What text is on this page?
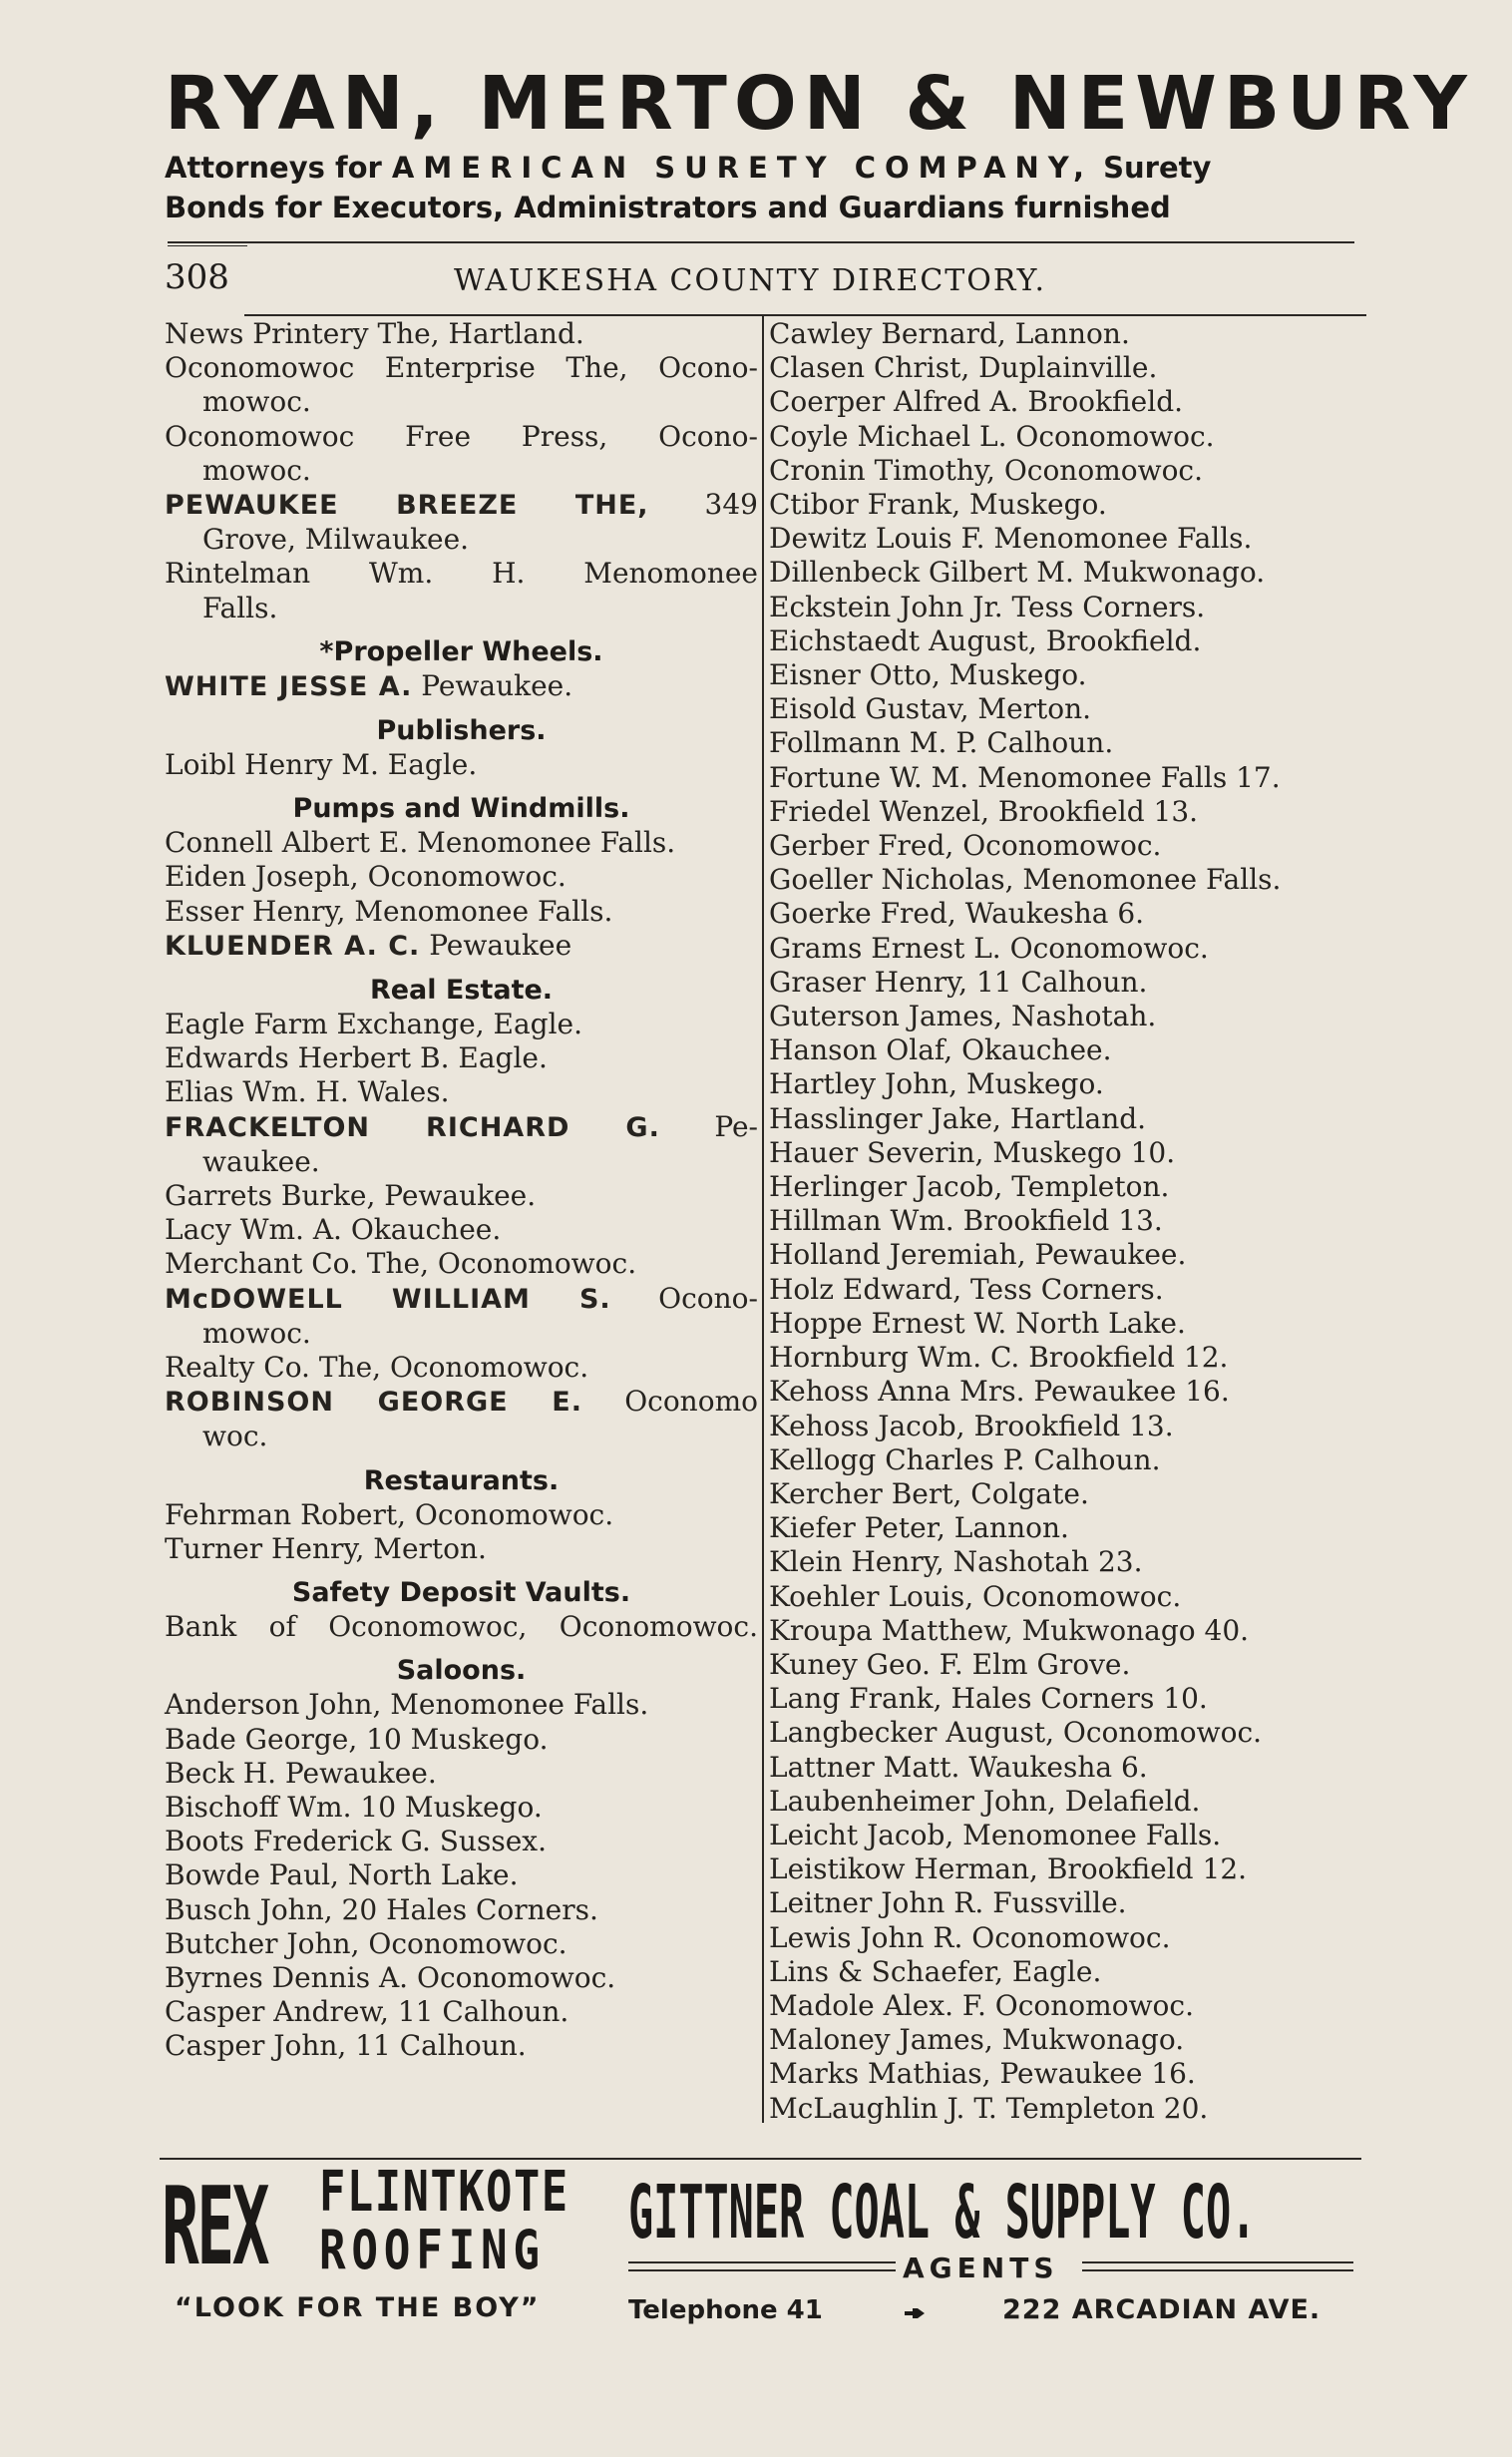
RYAN, MERTON & NEWBURY

Attorneys for AMERICAN SURETY COMPANY, Surety

Bonds for Executors, Administrators and Guardians furnished

308	WAUKESHA COUNTY DIRECTORY.
News Printery The, Hartland.
Oconomowoc Enterprise The, Ocono-
mowoc.
Oconomowoc Free Press, Ocono-
mowoc.
PEWAUKEE BREEZE THE, 349
Grove, Milwaukee.
Rintelman Wm. H. Menomonee
Falls.
*Propeller Wheels.
WHITE JESSE A. Pewaukee.
Publishers.
Loibl Henry M. Eagle.
Pumps and Windmills.
Connell Albert E. Menomonee Falls.
Eiden Joseph, Oconomowoc.
Esser Henry, Menomonee Falls.
KLUENDER A. C. Pewaukee
Real Estate.
Eagle Farm Exchange, Eagle.
Edwards Herbert B. Eagle.
Elias Wm. H. Wales.
FRACKELTON RICHARD G. Pe-
waukee.
Garrets Burke, Pewaukee.
Lacy Wm. A. Okauchee.
Merchant Co. The, Oconomowoc.
McDOWELL WILLIAM S. Ocono-
mowoc.
Realty Co. The, Oconomowoc.
ROBINSON GEORGE E. Oconomo
woc.
Restaurants.
Fehrman Robert, Oconomowoc.
Turner Henry, Merton.
Safety Deposit Vaults.
Bank of Oconomowoc, Oconomowoc.
Saloons.
Anderson John, Menomonee Falls.
Bade George, 10 Muskego.
Beck H. Pewaukee.
Bischoff Wm. 10 Muskego.
Boots Frederick G. Sussex.
Bowde Paul, North Lake.
Busch John, 20 Hales Corners.
Butcher John, Oconomowoc.
Byrnes Dennis A. Oconomowoc.
Casper Andrew, 11 Calhoun.
Casper John, 11 Calhoun.
Cawley Bernard, Lannon.
Clasen Christ, Duplainville.
Coerper Alfred A. Brookfield.
Coyle Michael L. Oconomowoc.
Cronin Timothy, Oconomowoc.
Ctibor Frank, Muskego.
Dewitz Louis F. Menomonee Falls.
Dillenbeck Gilbert M. Mukwonago.
Eckstein John Jr. Tess Corners.
Eichstaedt August, Brookfield.
Eisner Otto, Muskego.
Eisold Gustav, Merton.
Follmann M. P. Calhoun.
Fortune W. M. Menomonee Falls 17.
Friedel Wenzel, Brookfield 13.
Gerber Fred, Oconomowoc.
Goeller Nicholas, Menomonee Falls.
Goerke Fred, Waukesha 6.
Grams Ernest L. Oconomowoc.
Graser Henry, 11 Calhoun.
Guterson James, Nashotah.
Hanson Olaf, Okauchee.
Hartley John, Muskego.
Hasslinger Jake, Hartland.
Hauer Severin, Muskego 10.
Herlinger Jacob, Templeton.
Hillman Wm. Brookfield 13.
Holland Jeremiah, Pewaukee.
Holz Edward, Tess Corners.
Hoppe Ernest W. North Lake.
Hornburg Wm. C. Brookfield 12.
Kehoss Anna Mrs. Pewaukee 16.
Kehoss Jacob, Brookfield 13.
Kellogg Charles P. Calhoun.
Kercher Bert, Colgate.
Kiefer Peter, Lannon.
Klein Henry, Nashotah 23.
Koehler Louis, Oconomowoc.
Kroupa Matthew, Mukwonago 40.
Kuney Geo. F. Elm Grove.
Lang Frank, Hales Corners 10.
Langbecker August, Oconomowoc.
Lattner Matt. Waukesha 6.
Laubenheimer John, Delafield.
Leicht Jacob, Menomonee Falls.
Leistikow Herman, Brookfield 12.
Leitner John R. Fussville.
Lewis John R. Oconomowoc.
Lins & Schaefer, Eagle.
Madole Alex. F. Oconomowoc.
Maloney James, Mukwonago.
Marks Mathias, Pewaukee 16.
McLaughlin J. T. Templeton 20.
REX FLINTKOTE
ROOFING GITTNER COAL & SUPPLY CO.
AGENTS
“LOOK FOR THE BOY”	Telephone 41	222 ARCADIAN AVE.
